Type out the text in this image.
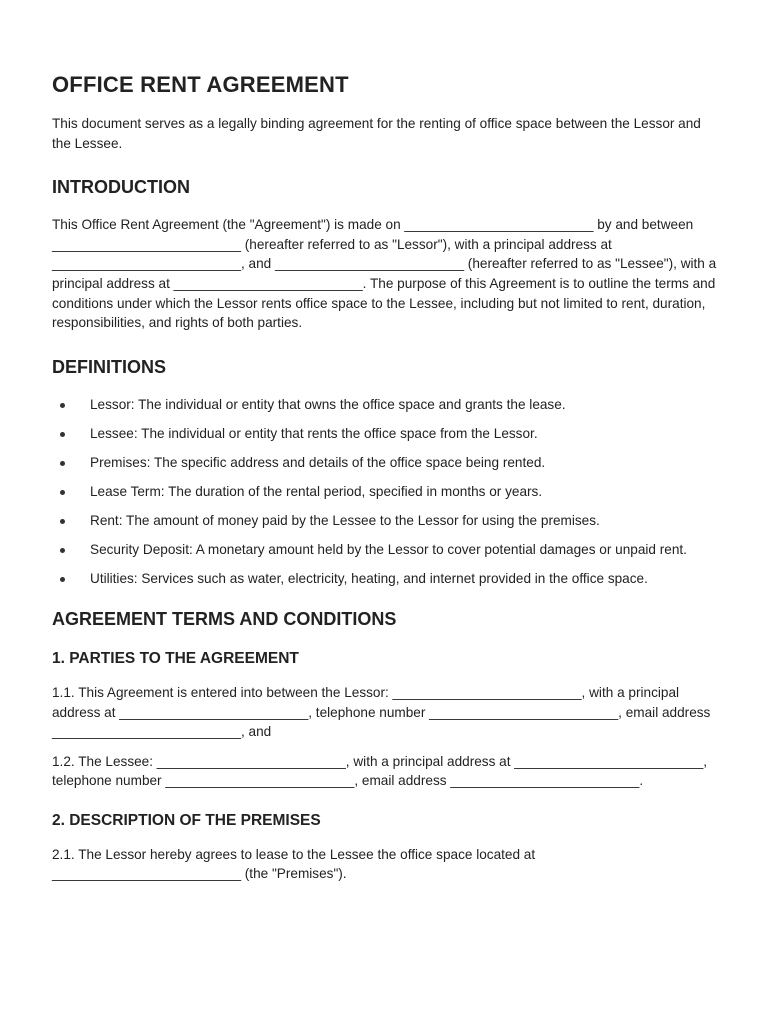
OFFICE RENT AGREEMENT

This document serves as a legally binding agreement for the renting of office space between the Lessor and the Lessee.

INTRODUCTION

This Office Rent Agreement (the "Agreement") is made on _________________________ by and between _________________________ (hereafter referred to as "Lessor"), with a principal address at _________________________, and _________________________ (hereafter referred to as "Lessee"), with a principal address at _________________________. The purpose of this Agreement is to outline the terms and conditions under which the Lessor rents office space to the Lessee, including but not limited to rent, duration, responsibilities, and rights of both parties.

DEFINITIONS
Lessor: The individual or entity that owns the office space and grants the lease.
Lessee: The individual or entity that rents the office space from the Lessor.
Premises: The specific address and details of the office space being rented.
Lease Term: The duration of the rental period, specified in months or years.
Rent: The amount of money paid by the Lessee to the Lessor for using the premises.
Security Deposit: A monetary amount held by the Lessor to cover potential damages or unpaid rent.
Utilities: Services such as water, electricity, heating, and internet provided in the office space.
AGREEMENT TERMS AND CONDITIONS
1. PARTIES TO THE AGREEMENT

1.1. This Agreement is entered into between the Lessor: _________________________, with a principal address at _________________________, telephone number _________________________, email address _________________________, and

1.2. The Lessee: _________________________, with a principal address at _________________________, telephone number _________________________, email address _________________________.

2. DESCRIPTION OF THE PREMISES

2.1. The Lessor hereby agrees to lease to the Lessee the office space located at _________________________ (the "Premises").
